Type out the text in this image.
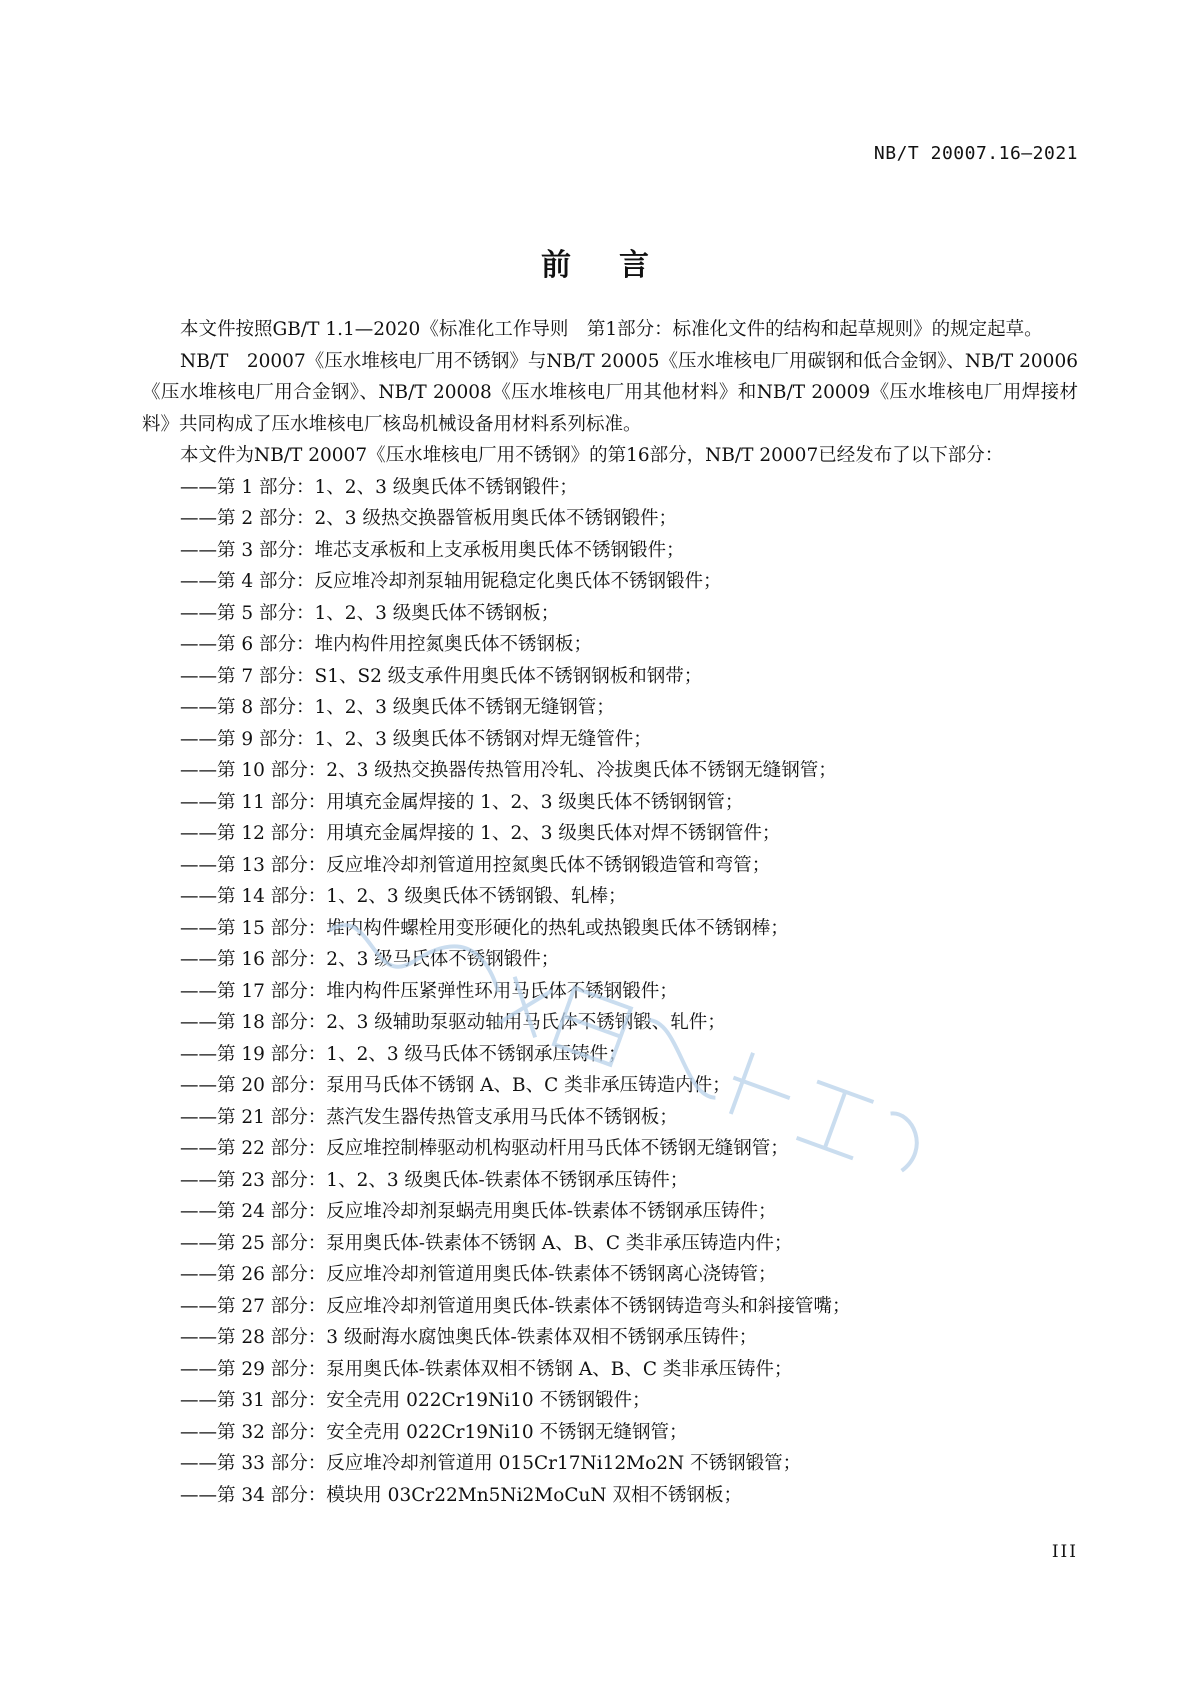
NB/T 20007.16—2021
前言

本文件按照GB/T 1.1—2020《标准化工作导则　第1部分：标准化文件的结构和起草规则》的规定起草。

NB/T　20007《压水堆核电厂用不锈钢》与NB/T 20005《压水堆核电厂用碳钢和低合金钢》、NB/T 20006《压水堆核电厂用合金钢》、NB/T 20008《压水堆核电厂用其他材料》和NB/T 20009《压水堆核电厂用焊接材料》共同构成了压水堆核电厂核岛机械设备用材料系列标准。

本文件为NB/T 20007《压水堆核电厂用不锈钢》的第16部分，NB/T 20007已经发布了以下部分：

——第 1 部分：1、2、3 级奥氏体不锈钢锻件；
——第 2 部分：2、3 级热交换器管板用奥氏体不锈钢锻件；
——第 3 部分：堆芯支承板和上支承板用奥氏体不锈钢锻件；
——第 4 部分：反应堆冷却剂泵轴用铌稳定化奥氏体不锈钢锻件；
——第 5 部分：1、2、3 级奥氏体不锈钢板；
——第 6 部分：堆内构件用控氮奥氏体不锈钢板；
——第 7 部分：S1、S2 级支承件用奥氏体不锈钢钢板和钢带；
——第 8 部分：1、2、3 级奥氏体不锈钢无缝钢管；
——第 9 部分：1、2、3 级奥氏体不锈钢对焊无缝管件；
——第 10 部分：2、3 级热交换器传热管用冷轧、冷拔奥氏体不锈钢无缝钢管；
——第 11 部分：用填充金属焊接的 1、2、3 级奥氏体不锈钢钢管；
——第 12 部分：用填充金属焊接的 1、2、3 级奥氏体对焊不锈钢管件；
——第 13 部分：反应堆冷却剂管道用控氮奥氏体不锈钢锻造管和弯管；
——第 14 部分：1、2、3 级奥氏体不锈钢锻、轧棒；
——第 15 部分：堆内构件螺栓用变形硬化的热轧或热锻奥氏体不锈钢棒；
——第 16 部分：2、3 级马氏体不锈钢锻件；
——第 17 部分：堆内构件压紧弹性环用马氏体不锈钢锻件；
——第 18 部分：2、3 级辅助泵驱动轴用马氏体不锈钢锻、轧件；
——第 19 部分：1、2、3 级马氏体不锈钢承压铸件；
——第 20 部分：泵用马氏体不锈钢 A、B、C 类非承压铸造内件；
——第 21 部分：蒸汽发生器传热管支承用马氏体不锈钢板；
——第 22 部分：反应堆控制棒驱动机构驱动杆用马氏体不锈钢无缝钢管；
——第 23 部分：1、2、3 级奥氏体-铁素体不锈钢承压铸件；
——第 24 部分：反应堆冷却剂泵蜗壳用奥氏体-铁素体不锈钢承压铸件；
——第 25 部分：泵用奥氏体-铁素体不锈钢 A、B、C 类非承压铸造内件；
——第 26 部分：反应堆冷却剂管道用奥氏体-铁素体不锈钢离心浇铸管；
——第 27 部分：反应堆冷却剂管道用奥氏体-铁素体不锈钢铸造弯头和斜接管嘴；
——第 28 部分：3 级耐海水腐蚀奥氏体-铁素体双相不锈钢承压铸件；
——第 29 部分：泵用奥氏体-铁素体双相不锈钢 A、B、C 类非承压铸件；
——第 31 部分：安全壳用 022Cr19Ni10 不锈钢锻件；
——第 32 部分：安全壳用 022Cr19Ni10 不锈钢无缝钢管；
——第 33 部分：反应堆冷却剂管道用 015Cr17Ni12Mo2N 不锈钢锻管；
——第 34 部分：模块用 03Cr22Mn5Ni2MoCuN 双相不锈钢板；
III
